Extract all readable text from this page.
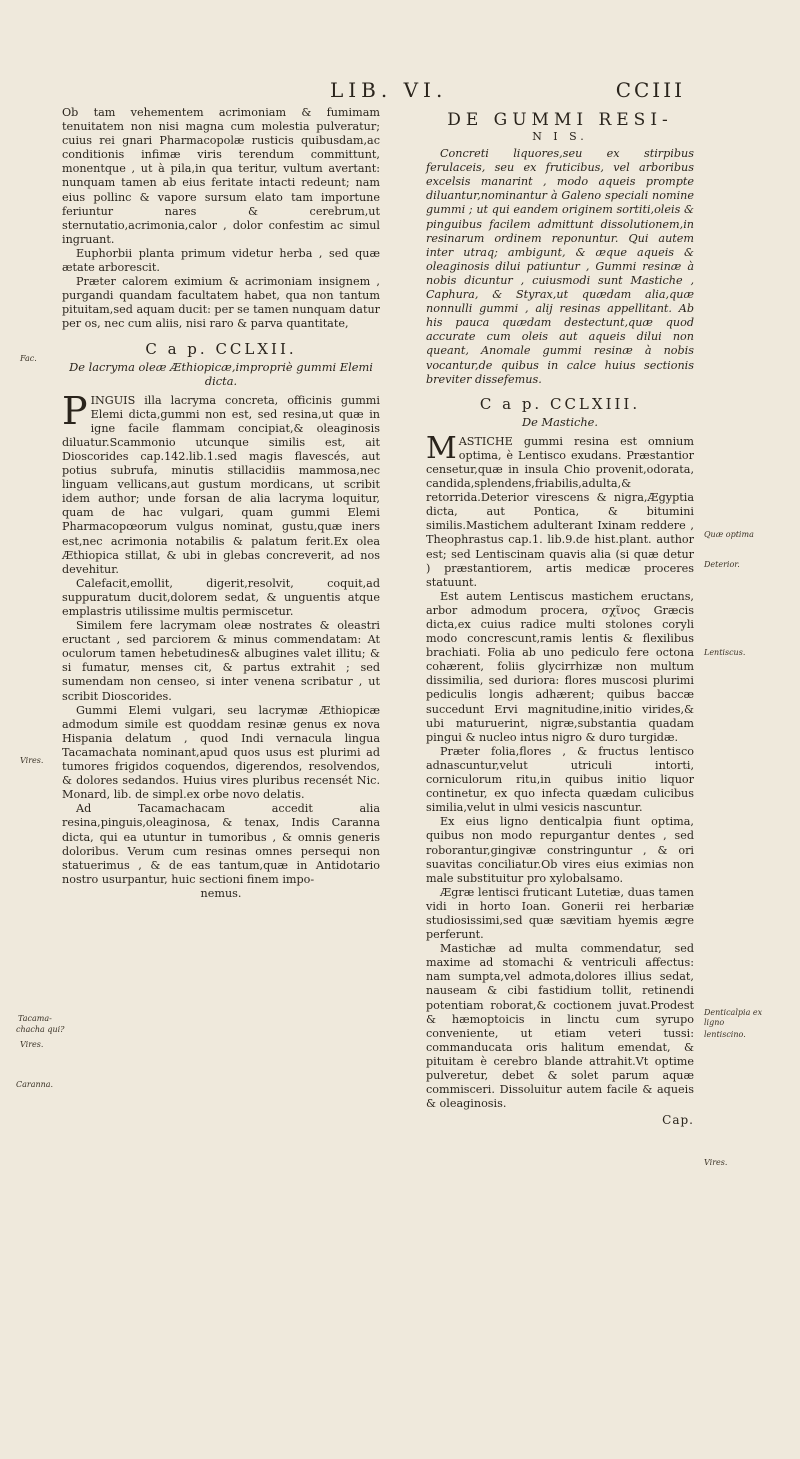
LIB. VI.	CCIII

Ob tam vehementem acrimoniam & fumimam tenuitatem non nisi magna cum molestia pulveratur; cuius rei gnari Pharmacopolæ rusticis quibusdam,ac conditionis infimæ viris terendum committunt, monentque , ut à pila,in qua teritur, vultum avertant: nunquam tamen ab eius feritate intacti redeunt; nam eius pollinc & vapore sursum elato tam importune feriuntur nares & cerebrum,ut sternutatio,acrimonia,calor , dolor confestim ac simul ingruant.

Euphorbii planta primum videtur herba , sed quæ ætate arborescit.

Præter calorem eximium & acrimoniam insignem , purgandi quandam facultatem habet, qua non tantum pituitam,sed aquam ducit: per se tamen nunquam datur per os, nec cum aliis, nisi raro & parva quantitate,

C a p. CCLXII.
De lacryma oleæ Æthiopicæ,impropriè gummi Elemi dicta.

PINGUIS illa lacryma concreta, officinis gummi Elemi dicta,gummi non est, sed resina,ut quæ in igne facile flammam concipiat,& oleaginosis diluatur.Scammonio utcunque similis est, ait Dioscorides cap.142.lib.1.sed magis flavescés, aut potius subrufa, minutis stillacidiis mammosa,nec linguam vellicans,aut gustum mordicans, ut scribit idem author; unde forsan de alia lacryma loquitur, quam de hac vulgari, quam gummi Elemi Pharmacopœorum vulgus nominat, gustu,quæ iners est,nec acrimonia notabilis & palatum ferit.Ex olea Æthiopica stillat, & ubi in glebas concreverit, ad nos devehitur.

Calefacit,emollit, digerit,resolvit, coquit,ad suppuratum ducit,dolorem sedat, & unguentis atque emplastris utilissime multis permiscetur.

Similem fere lacrymam oleæ nostrates & oleastri eructant , sed parciorem & minus commendatam: At oculorum tamen hebetudines& albugines valet illitu; & si fumatur, menses cit, & partus extrahit ; sed sumendam non censeo, si inter venena scribatur , ut scribit Dioscorides.

Gummi Elemi vulgari, seu lacrymæ Æthiopicæ admodum simile est quoddam resinæ genus ex nova Hispania delatum , quod Indi vernacula lingua Tacamachata nominant,apud quos usus est plurimi ad tumores frigidos coquendos, digerendos, resolvendos, & dolores sedandos. Huius vires pluribus recensét Nic. Monard, lib. de simpl.ex orbe novo delatis.

Ad Tacamachacam accedit alia resina,pinguis,oleaginosa, & tenax, Indis Caranna dicta, qui ea utuntur in tumoribus , & omnis generis doloribus. Verum cum resinas omnes persequi non statuerimus , & de eas tantum,quæ in Antidotario nostro usurpantur, huic sectioni finem impo-

nemus.

DE GUMMI RESI-
N I S.

Concreti liquores,seu ex stirpibus ferulaceis, seu ex fruticibus, vel arboribus excelsis manarint , modo aqueis prompte diluantur,nominantur à Galeno speciali nomine gummi ; ut qui eandem originem sortiti,oleis & pinguibus facilem admittunt dissolutionem,in resinarum ordinem reponuntur. Qui autem inter utraq; ambigunt, & æque aqueis & oleaginosis dilui patiuntur , Gummi resinæ à nobis dicuntur , cuiusmodi sunt Mastiche , Caphura, & Styrax,ut quædam alia,quæ nonnulli gummi , alij resinas appellitant. Ab his pauca quædam destectunt,quæ quod accurate cum oleis aut aqueis dilui non queant, Anomale gummi resinæ à nobis vocantur,de quibus in calce huius sectionis breviter dissefemus.

C a p. CCLXIII.
De Mastiche.

MASTICHE gummi resina est omnium optima, è Lentisco exudans. Præstantior censetur,quæ in insula Chio provenit,odorata, candida,splendens,friabilis,adulta,& retorrida.Deterior virescens & nigra,Ægyptia dicta, aut Pontica, & bitumini similis.Mastichem adulterant Ixinam reddere , Theophrastus cap.1. lib.9.de hist.plant. author est; sed Lentiscinam quavis alia (si quæ detur ) præstantiorem, artis medicæ proceres statuunt.

Est autem Lentiscus mastichem eructans, arbor admodum procera, σχῖνος Græcis dicta,ex cuius radice multi stolones coryli modo concrescunt,ramis lentis & flexilibus brachiati. Folia ab uno pediculo fere octona cohærent, foliis glycirrhizæ non multum dissimilia, sed duriora: flores muscosi plurimi pediculis longis adhærent; quibus baccæ succedunt Ervi magnitudine,initio virides,& ubi maturuerint, nigræ,substantia quadam pingui & nucleo intus nigro & duro turgidæ.

Præter folia,flores , & fructus lentisco adnascuntur,velut utriculi intorti, corniculorum ritu,in quibus initio liquor continetur, ex quo infecta quædam culicibus similia,velut in ulmi vesicis nascuntur.

Ex eius ligno denticalpia fiunt optima, quibus non modo repurgantur dentes , sed roborantur,gingivæ constringuntur , & ori suavitas conciliatur.Ob vires eius eximias non male substituitur pro xylobalsamo.

Ægræ lentisci fruticant Lutetiæ, duas tamen vidi in horto Ioan. Gonerii rei herbariæ studiosissimi,sed quæ sævitiam hyemis ægre perferunt.

Mastichæ ad multa commendatur, sed maxime ad stomachi & ventriculi affectus: nam sumpta,vel admota,dolores illius sedat, nauseam & cibi fastidium tollit, retinendi potentiam roborat,& coctionem juvat.Prodest & hæmoptoicis in linctu cum syrupo conveniente, ut etiam veteri tussi: commanducata oris halitum emendat, & pituitam è cerebro blande attrahit.Vt optime pulveretur, debet & solet parum aquæ commisceri. Dissoluitur autem facile & aqueis & oleaginosis.

Cap.
Fac.
Vires.
Tacama-
chacha qui?
Vires.
Caranna.
Quæ optima
Deterior.
Lentiscus.
Denticalpia ex ligno
lentiscino.
Vires.
